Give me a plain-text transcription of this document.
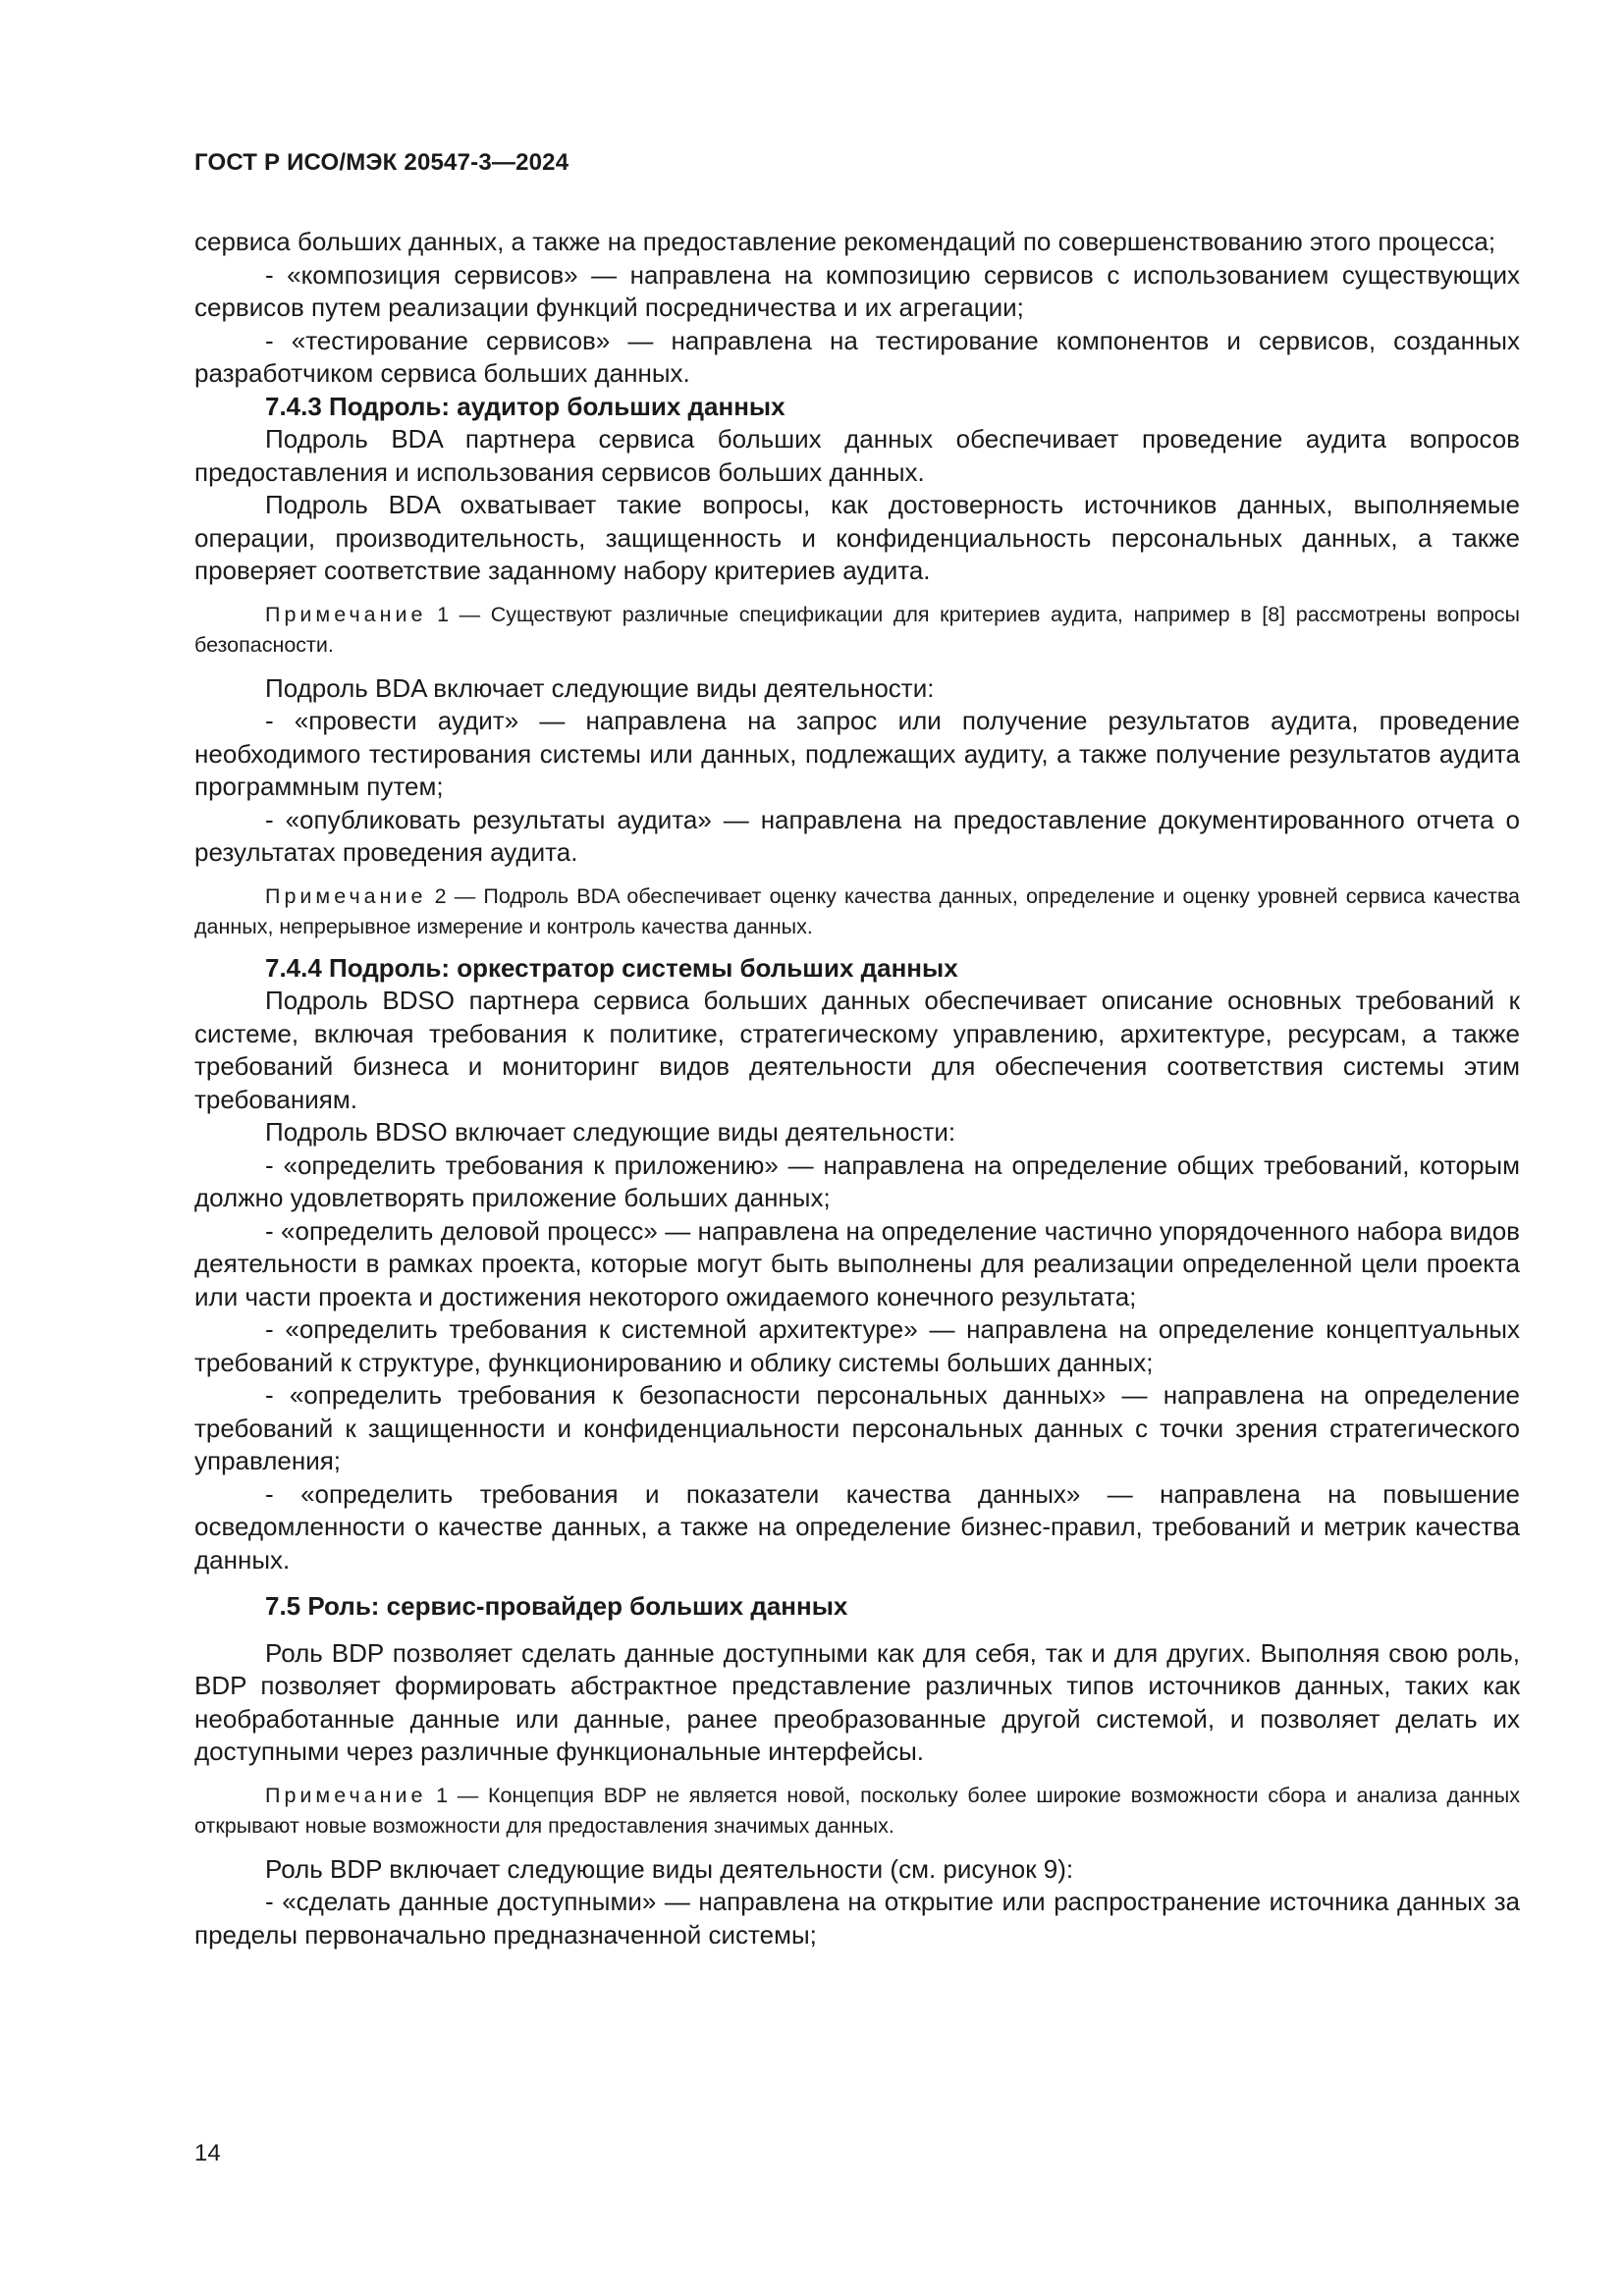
ГОСТ Р ИСО/МЭК 20547-3—2024

сервиса больших данных, а также на предоставление рекомендаций по совершенствованию этого процесса;

- «композиция сервисов» — направлена на композицию сервисов с использованием существующих сервисов путем реализации функций посредничества и их агрегации;

- «тестирование сервисов» — направлена на тестирование компонентов и сервисов, созданных разработчиком сервиса больших данных.

7.4.3 Подроль: аудитор больших данных

Подроль BDA партнера сервиса больших данных обеспечивает проведение аудита вопросов предоставления и использования сервисов больших данных.

Подроль BDA охватывает такие вопросы, как достоверность источников данных, выполняемые операции, производительность, защищенность и конфиденциальность персональных данных, а также проверяет соответствие заданному набору критериев аудита.

Примечание 1 — Существуют различные спецификации для критериев аудита, например в [8] рассмотрены вопросы безопасности.

Подроль BDA включает следующие виды деятельности:

- «провести аудит» — направлена на запрос или получение результатов аудита, проведение необходимого тестирования системы или данных, подлежащих аудиту, а также получение результатов аудита программным путем;

- «опубликовать результаты аудита» — направлена на предоставление документированного отчета о результатах проведения аудита.

Примечание 2 — Подроль BDA обеспечивает оценку качества данных, определение и оценку уровней сервиса качества данных, непрерывное измерение и контроль качества данных.

7.4.4 Подроль: оркестратор системы больших данных

Подроль BDSO партнера сервиса больших данных обеспечивает описание основных требований к системе, включая требования к политике, стратегическому управлению, архитектуре, ресурсам, а также требований бизнеса и мониторинг видов деятельности для обеспечения соответствия системы этим требованиям.

Подроль BDSO включает следующие виды деятельности:

- «определить требования к приложению» — направлена на определение общих требований, которым должно удовлетворять приложение больших данных;

- «определить деловой процесс» — направлена на определение частично упорядоченного набора видов деятельности в рамках проекта, которые могут быть выполнены для реализации определенной цели проекта или части проекта и достижения некоторого ожидаемого конечного результата;

- «определить требования к системной архитектуре» — направлена на определение концептуальных требований к структуре, функционированию и облику системы больших данных;

- «определить требования к безопасности персональных данных» — направлена на определение требований к защищенности и конфиденциальности персональных данных с точки зрения стратегического управления;

- «определить требования и показатели качества данных» — направлена на повышение осведомленности о качестве данных, а также на определение бизнес-правил, требований и метрик качества данных.

7.5 Роль: сервис-провайдер больших данных

Роль BDP позволяет сделать данные доступными как для себя, так и для других. Выполняя свою роль, BDP позволяет формировать абстрактное представление различных типов источников данных, таких как необработанные данные или данные, ранее преобразованные другой системой, и позволяет делать их доступными через различные функциональные интерфейсы.

Примечание 1 — Концепция BDP не является новой, поскольку более широкие возможности сбора и анализа данных открывают новые возможности для предоставления значимых данных.

Роль BDP включает следующие виды деятельности (см. рисунок 9):

- «сделать данные доступными» — направлена на открытие или распространение источника данных за пределы первоначально предназначенной системы;

14
